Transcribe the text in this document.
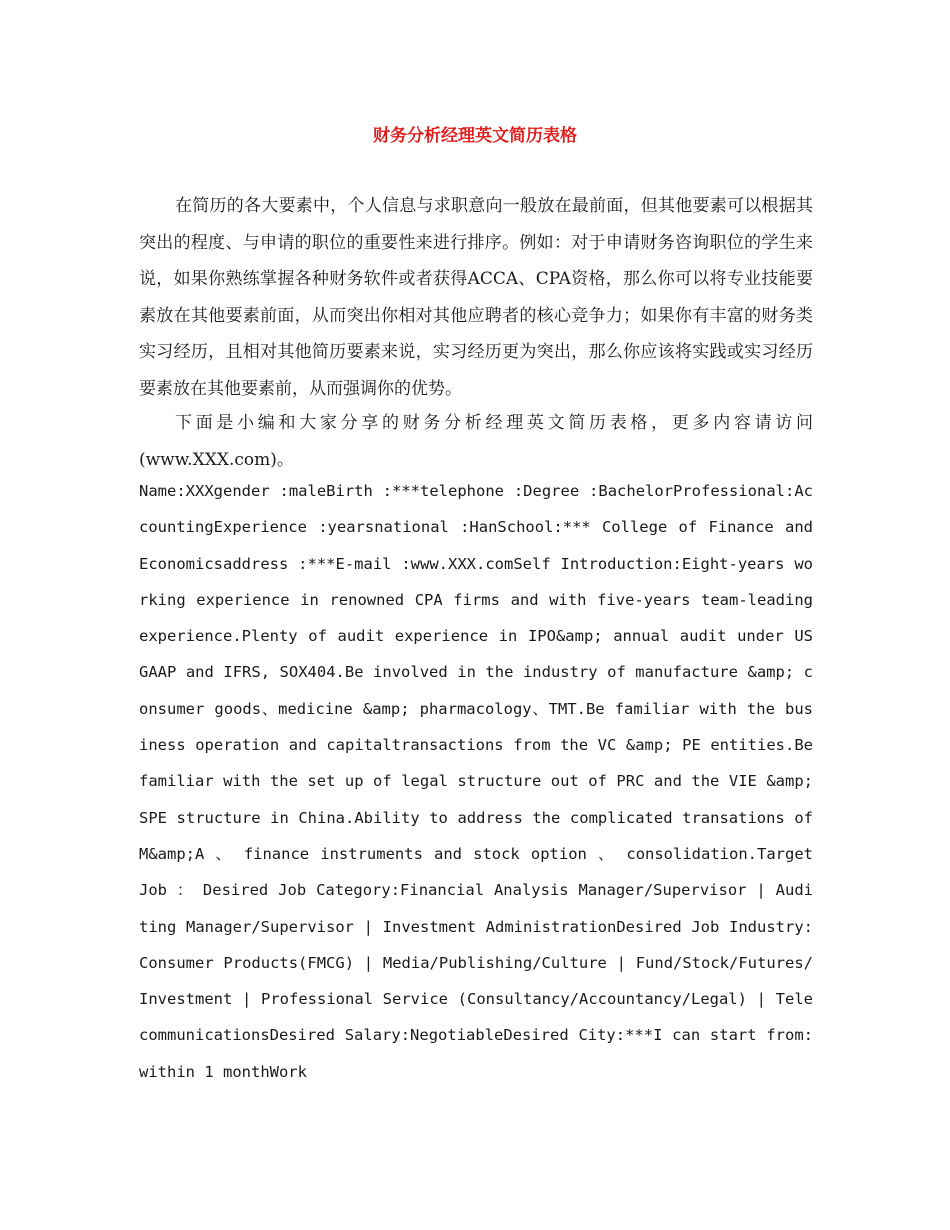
财务分析经理英文简历表格

在简历的各大要素中，个人信息与求职意向一般放在最前面，但其他要素可以根据其突出的程度、与申请的职位的重要性来进行排序。例如：对于申请财务咨询职位的学生来说，如果你熟练掌握各种财务软件或者获得ACCA、CPA资格，那么你可以将专业技能要素放在其他要素前面，从而突出你相对其他应聘者的核心竞争力；如果你有丰富的财务类实习经历，且相对其他简历要素来说，实习经历更为突出，那么你应该将实践或实习经历要素放在其他要素前，从而强调你的优势。

下面是小编和大家分享的财务分析经理英文简历表格，更多内容请访问(www.XXX.com)。

Name:XXXgender :maleBirth :***telephone :Degree :BachelorProfessional:AccountingExperience :yearsnational :HanSchool:*** College of Finance and Economicsaddress :***E-mail :www.XXX.comSelf Introduction:Eight-years working experience in renowned CPA firms and with five-years team-leading experience.Plenty of audit experience in IPO&amp; annual audit under US GAAP and IFRS, SOX404.Be involved in the industry of manufacture &amp; consumer goods、medicine &amp; pharmacology、TMT.Be familiar with the business operation and capitaltransactions from the VC &amp; PE entities.Be familiar with the set up of legal structure out of PRC and the VIE &amp; SPE structure in China.Ability to address the complicated transations of M&amp;A 、 finance instruments and stock option 、 consolidation.Target Job ： Desired Job Category:Financial Analysis Manager/Supervisor | Auditing Manager/Supervisor | Investment AdministrationDesired Job Industry:Consumer Products(FMCG) | Media/Publishing/Culture | Fund/Stock/Futures/Investment | Professional Service (Consultancy/Accountancy/Legal) | TelecommunicationsDesired Salary:NegotiableDesired City:***I can start from:within 1 monthWork
